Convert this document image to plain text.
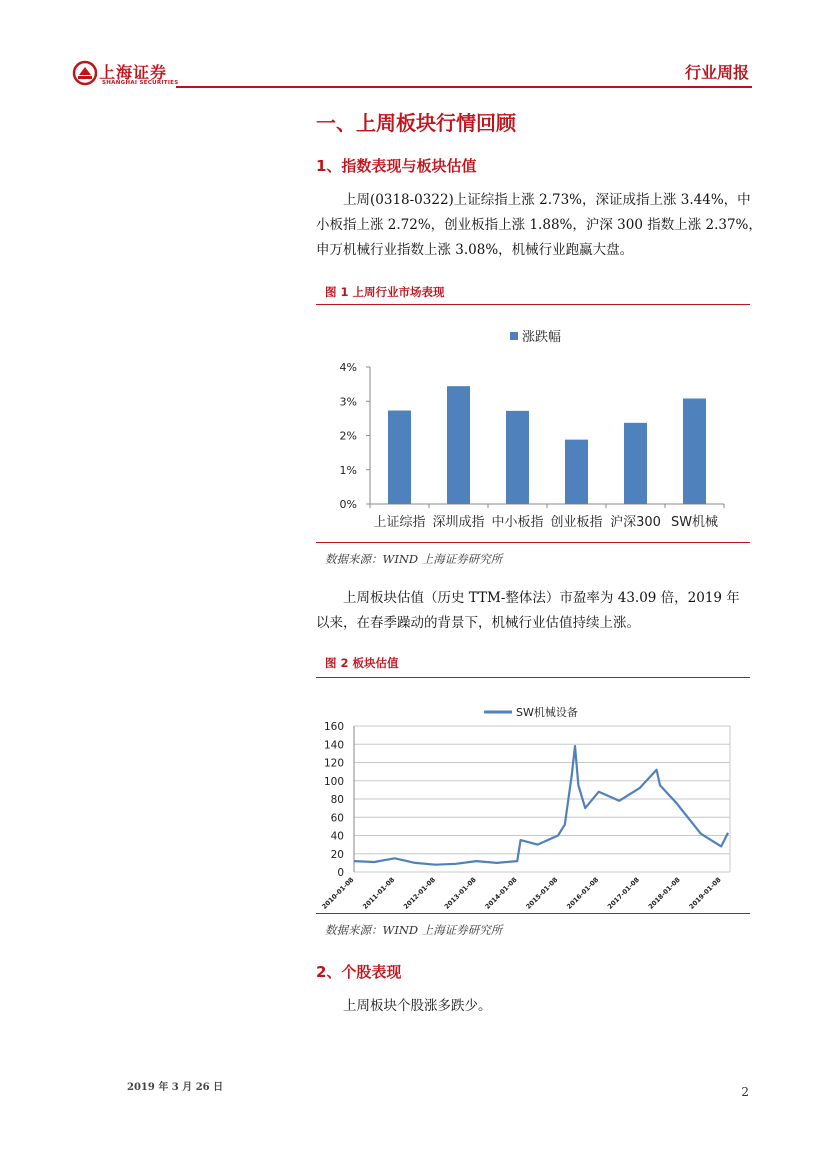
上海证券
SHANGHAI SECURITIES
行业周报
一、上周板块行情回顾
1、指数表现与板块估值
上周(0318-0322)上证综指上涨 2.73%，深证成指上涨 3.44%，中
小板指上涨 2.72%，创业板指上涨 1.88%，沪深 300 指数上涨 2.37%，
申万机械行业指数上涨 3.08%，机械行业跑赢大盘。
图 1 上周行业市场表现
涨跌幅
0%
1%
2%
3%
4%
上证综指 深圳成指 中小板指 创业板指 沪深300 SW机械
数据来源：WIND 上海证券研究所
上周板块估值（历史 TTM-整体法）市盈率为 43.09 倍，2019 年
以来，在春季躁动的背景下，机械行业估值持续上涨。
图 2 板块估值
SW机械设备
0
20
40
60
80
100
120
140
160
2010-01-08 2011-01-08 2012-01-08 2013-01-08 2014-01-08 2015-01-08 2016-01-08 2017-01-08 2018-01-08 2019-01-08
数据来源：WIND 上海证券研究所
2、个股表现
上周板块个股涨多跌少。
2019 年 3 月 26 日	2
